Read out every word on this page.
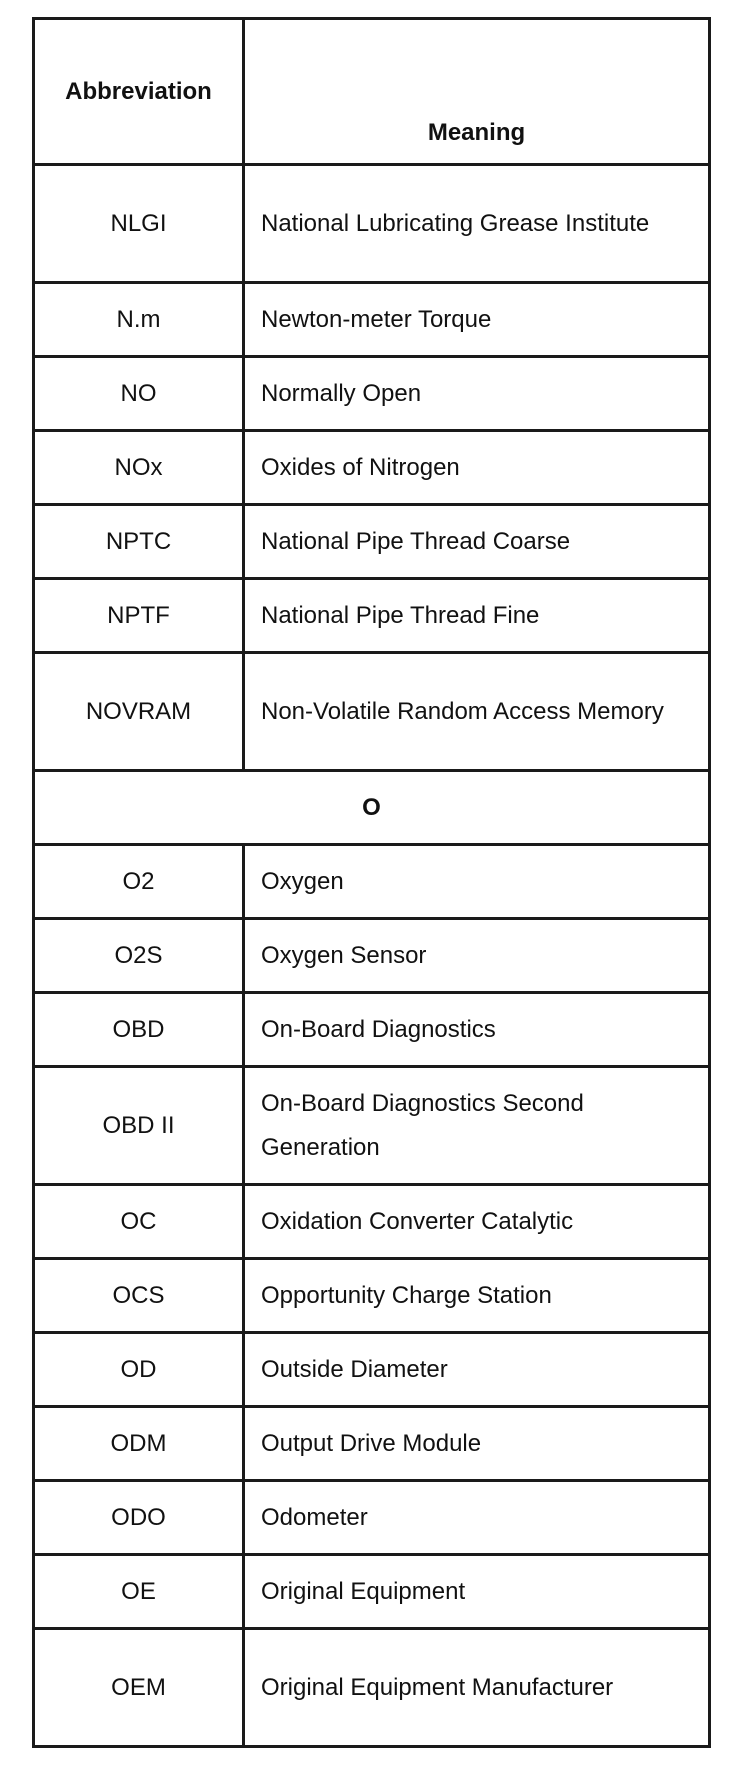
Abbreviation	Meaning
NLGI	National Lubricating Grease Institute
N.m	Newton-meter Torque
NO	Normally Open
NOx	Oxides of Nitrogen
NPTC	National Pipe Thread Coarse
NPTF	National Pipe Thread Fine
NOVRAM	Non-Volatile Random Access Memory
O	
O2	Oxygen
O2S	Oxygen Sensor
OBD	On-Board Diagnostics
OBD II	On-Board Diagnostics Second Generation
OC	Oxidation Converter Catalytic
OCS	Opportunity Charge Station
OD	Outside Diameter
ODM	Output Drive Module
ODO	Odometer
OE	Original Equipment
OEM	Original Equipment Manufacturer
